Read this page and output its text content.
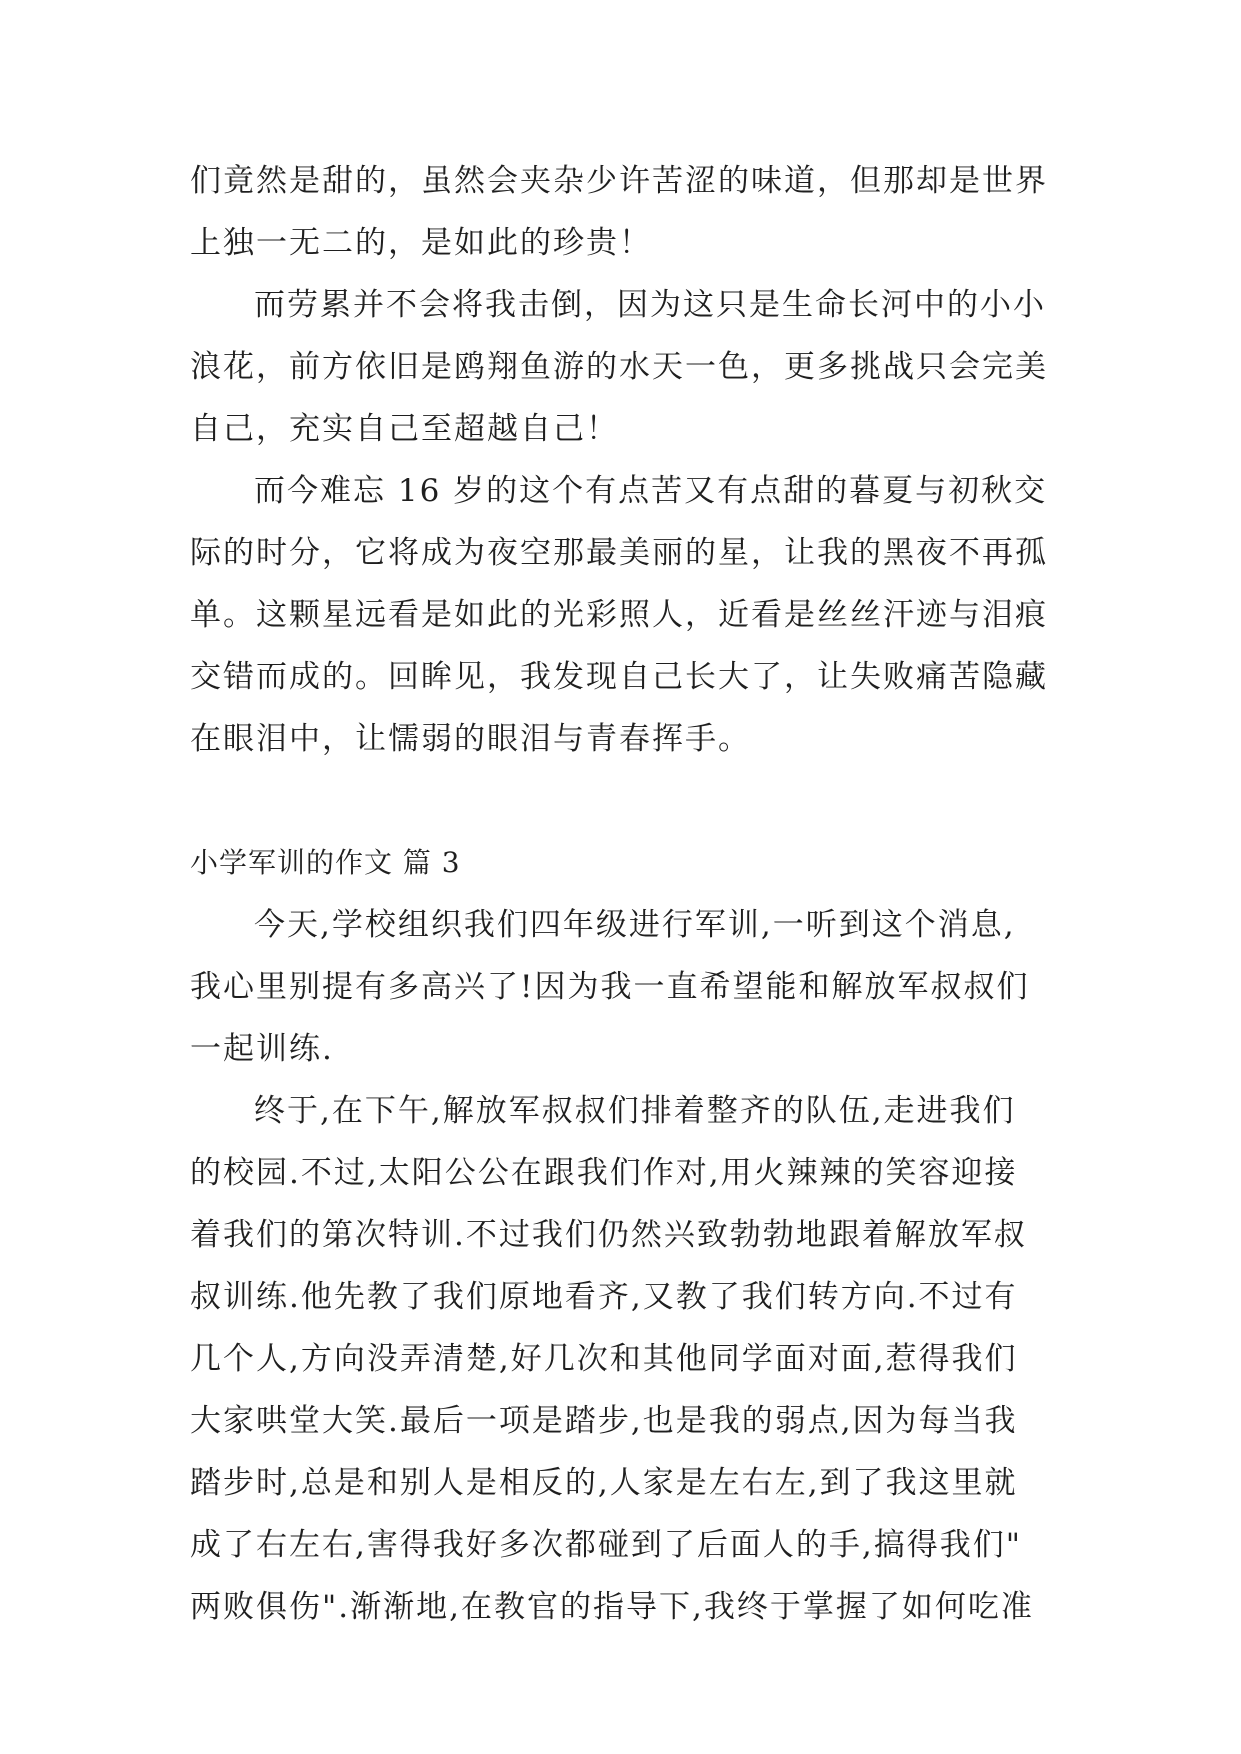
们竟然是甜的，虽然会夹杂少许苦涩的味道，但那却是世界
上独一无二的，是如此的珍贵！
而劳累并不会将我击倒，因为这只是生命长河中的小小
浪花，前方依旧是鸥翔鱼游的水天一色，更多挑战只会完美
自己，充实自己至超越自己！
而今难忘 16 岁的这个有点苦又有点甜的暮夏与初秋交
际的时分，它将成为夜空那最美丽的星，让我的黑夜不再孤
单。这颗星远看是如此的光彩照人，近看是丝丝汗迹与泪痕
交错而成的。回眸见，我发现自己长大了，让失败痛苦隐藏
在眼泪中，让懦弱的眼泪与青春挥手。
小学军训的作文 篇 3
今天,学校组织我们四年级进行军训,一听到这个消息,
我心里别提有多高兴了!因为我一直希望能和解放军叔叔们
一起训练.
终于,在下午,解放军叔叔们排着整齐的队伍,走进我们
的校园.不过,太阳公公在跟我们作对,用火辣辣的笑容迎接
着我们的第次特训.不过我们仍然兴致勃勃地跟着解放军叔
叔训练.他先教了我们原地看齐,又教了我们转方向.不过有
几个人,方向没弄清楚,好几次和其他同学面对面,惹得我们
大家哄堂大笑.最后一项是踏步,也是我的弱点,因为每当我
踏步时,总是和别人是相反的,人家是左右左,到了我这里就
成了右左右,害得我好多次都碰到了后面人的手,搞得我们"
两败俱伤".渐渐地,在教官的指导下,我终于掌握了如何吃准
